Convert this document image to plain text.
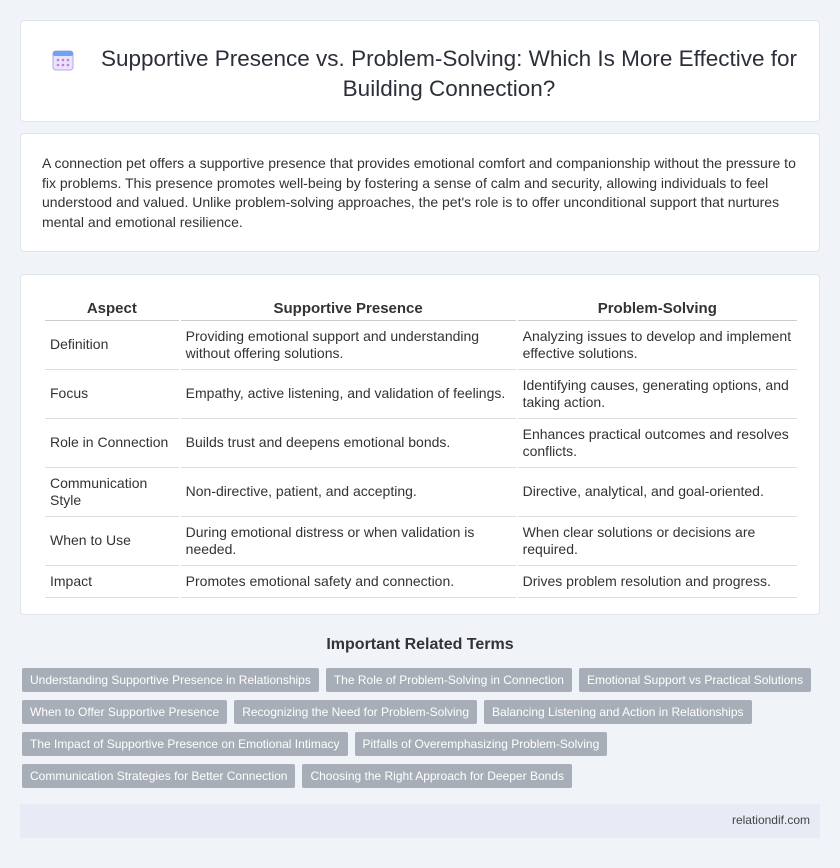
Supportive Presence vs. Problem-Solving: Which Is More Effective for Building Connection?

A connection pet offers a supportive presence that provides emotional comfort and companionship without the pressure to fix problems. This presence promotes well-being by fostering a sense of calm and security, allowing individuals to feel understood and valued. Unlike problem-solving approaches, the pet's role is to offer unconditional support that nurtures mental and emotional resilience.

Aspect	Supportive Presence	Problem-Solving
Definition	Providing emotional support and understanding without offering solutions.	Analyzing issues to develop and implement effective solutions.
Focus	Empathy, active listening, and validation of feelings.	Identifying causes, generating options, and taking action.
Role in Connection	Builds trust and deepens emotional bonds.	Enhances practical outcomes and resolves conflicts.
Communication Style	Non-directive, patient, and accepting.	Directive, analytical, and goal-oriented.
When to Use	During emotional distress or when validation is needed.	When clear solutions or decisions are required.
Impact	Promotes emotional safety and connection.	Drives problem resolution and progress.
Important Related Terms
Understanding Supportive Presence in Relationships	The Role of Problem-Solving in Connection	Emotional Support vs Practical Solutions
When to Offer Supportive Presence	Recognizing the Need for Problem-Solving	Balancing Listening and Action in Relationships
The Impact of Supportive Presence on Emotional Intimacy	Pitfalls of Overemphasizing Problem-Solving
Communication Strategies for Better Connection	Choosing the Right Approach for Deeper Bonds
relationdif.com
